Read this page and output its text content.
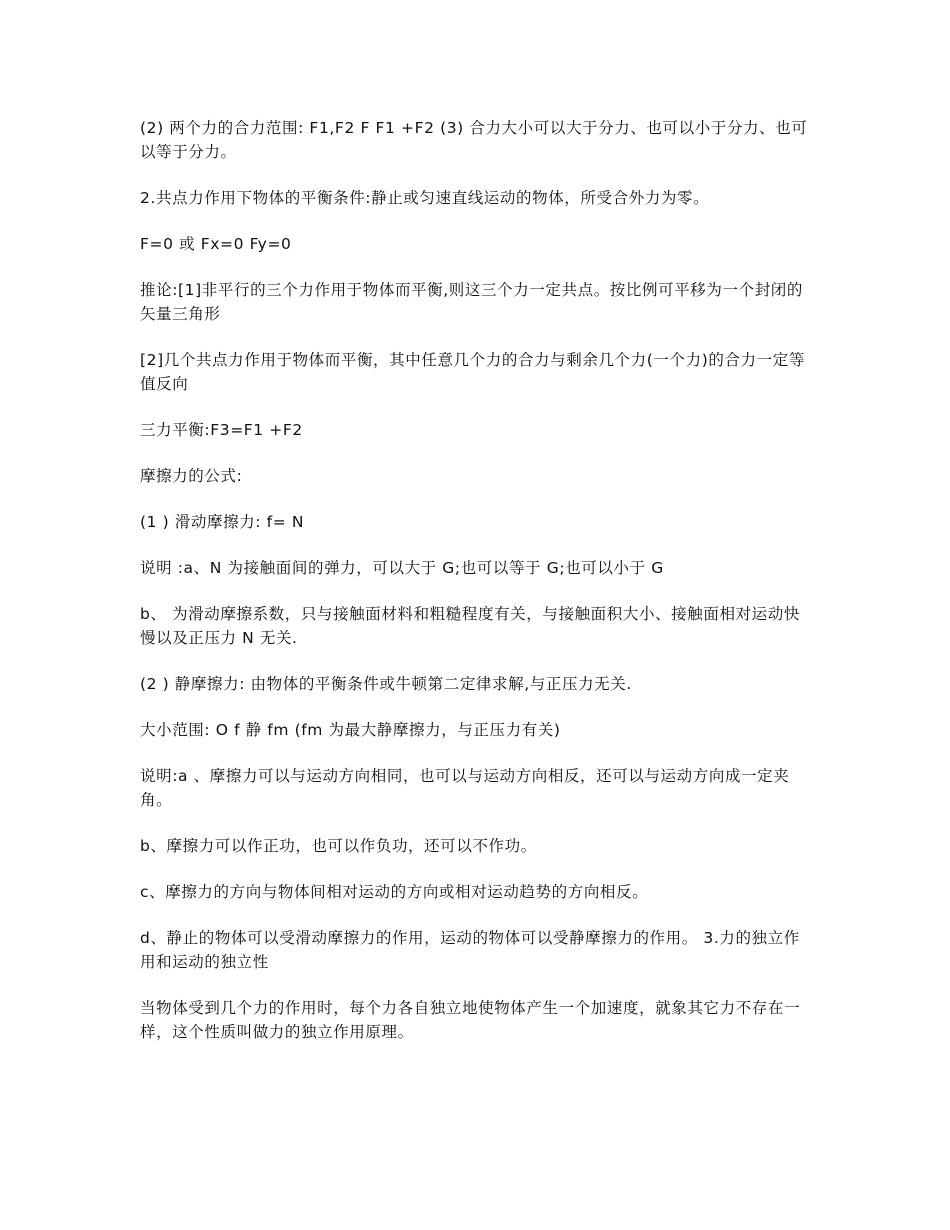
(2) 两个力的合力范围: F1,F2 F F1 +F2 (3) 合力大小可以大于分力、也可以小于分力、也可以等于分力。

2.共点力作用下物体的平衡条件:静止或匀速直线运动的物体，所受合外力为零。

F=0 或 Fx=0 Fy=0

推论:[1]非平行的三个力作用于物体而平衡,则这三个力一定共点。按比例可平移为一个封闭的矢量三角形

[2]几个共点力作用于物体而平衡，其中任意几个力的合力与剩余几个力(一个力)的合力一定等值反向

三力平衡:F3=F1 +F2

摩擦力的公式:

(1 ) 滑动摩擦力: f= N

说明 :a、N 为接触面间的弹力，可以大于 G;也可以等于 G;也可以小于 G

b、 为滑动摩擦系数，只与接触面材料和粗糙程度有关，与接触面积大小、接触面相对运动快慢以及正压力 N 无关.

(2 ) 静摩擦力: 由物体的平衡条件或牛顿第二定律求解,与正压力无关.

大小范围: O f 静 fm (fm 为最大静摩擦力，与正压力有关)

说明:a 、摩擦力可以与运动方向相同，也可以与运动方向相反，还可以与运动方向成一定夹角。

b、摩擦力可以作正功，也可以作负功，还可以不作功。

c、摩擦力的方向与物体间相对运动的方向或相对运动趋势的方向相反。

d、静止的物体可以受滑动摩擦力的作用，运动的物体可以受静摩擦力的作用。 3.力的独立作用和运动的独立性

当物体受到几个力的作用时，每个力各自独立地使物体产生一个加速度，就象其它力不存在一样，这个性质叫做力的独立作用原理。
